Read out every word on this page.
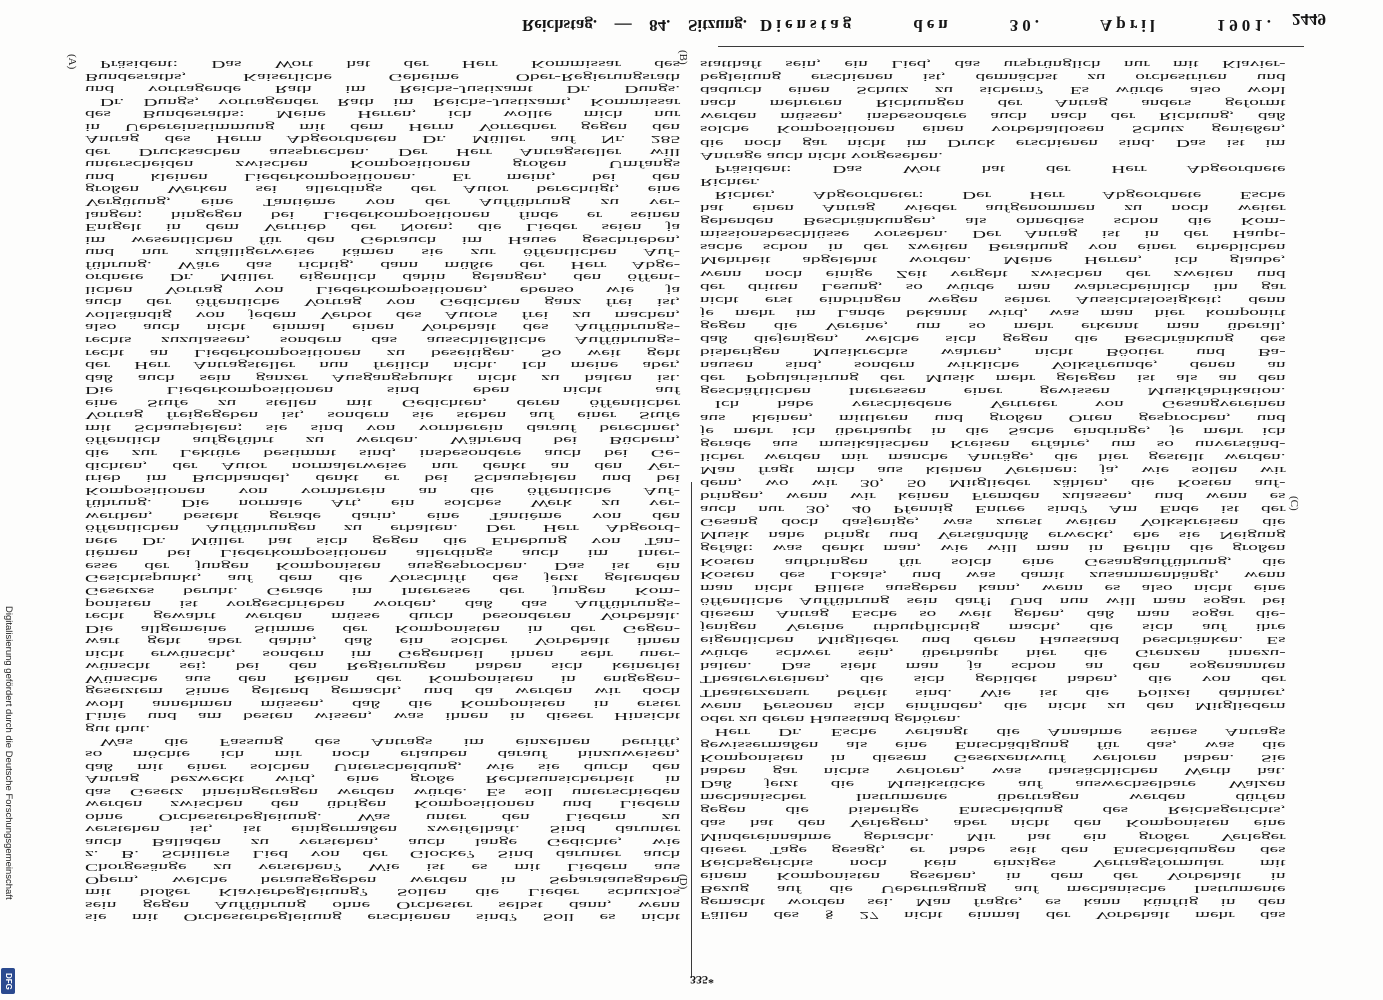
Reichstag. — 84. Sitzung. Dienstag den 30. April 1901. 2449
(A)	(B)
(C)
(D)
Präsident: Das Wort hat der Herr Kommissar des
Bundesraths, Kaiserliche Geheime Ober-Regierungsrath
und vortragende Rath im Reichs-Justizamt Dr. Dungs.
Dr. Dungs, vortragender Rath im Reichs-Justizamt, Kommissar
des Bundesraths: Meine Herren, ich wollte mich nur
in Uebereinstimmung mit dem Herrn Vorredner gegen den
Antrag des Herrn Abgeordneten Dr. Müller auf Nr. 285
der Drucksachen aussprechen. Der Herr Antragsteller will
unterscheiden zwischen Kompositionen großen Umfangs
und kleinen Liederkompositionen. Er meint, bei den
großen Werken sei allerdings der Autor berechtigt, eine
Vergütung, eine Tantième von der Aufführung zu ver-
langen; hingegen bei Liederkompositionen finde er seinen
Entgelt in dem Vertrieb der Noten; die Lieder seien ja
im wesentlichen für den Gebrauch im Hause geschrieben,
und nur zufälligerweise kämen sie zur öffentlichen Auf-
führung. Wäre das richtig, dann müßte der Herr Abge-
ordnete Dr. Müller eigentlich dahin gelangen, den öffent-
lichen Vortrag von Liederkompositionen, ebenso wie ja
auch der öffentliche Vortrag von Gedichten ganz frei ist,
vollständig von jedem Verbot des Autors frei zu machen,
also auch nicht einmal einen Vorbehalt des Aufführungs-
rechts zuzulassen, sondern das ausschließliche Aufführungs-
recht an Liederkompositionen zu beseitigen. So weit geht
der Herr Antragsteller nun freilich nicht. Ich meine aber,
daß auch sein ganzer Ausgangspunkt nicht zu halten ist.
Die Liederkompositionen sind eben nicht auf
eine Stufe zu stellen mit Gedichten, deren öffentlicher
Vortrag freigegeben ist, sondern sie stehen auf einer Stufe
mit Schauspielen; sie sind von vornherein darauf berechnet,
öffentlich aufgeführt zu werden. Während bei Büchern,
die zur Lektüre bestimmt sind, insbesondere auch bei Ge-
dichten, der Autor normalerweise nur denkt an den Ver-
trieb im Buchhandel, denkt er bei Schauspielen und bei
Kompositionen von vornherein an die öffentliche Auf-
führung. Die normale Art, ein solches Werk zu ver-
werthen, besteht gerade darin, eine Tantième von den
öffentlichen Aufführungen zu erhalten. Der Herr Abgeord-
nete Dr. Müller hat sich gegen die Erhebung von Tan-
tièmen bei Liederkompositionen allerdings auch im Inter-
esse der jungen Komponisten ausgesprochen. Das ist ein
Gesichtspunkt, auf dem die Vorschrift des jetzt geltenden
Gesetzes beruht. Gerade im Interesse der jungen Kom-
ponisten ist vorgeschrieben worden, daß das Aufführungs-
recht gewahrt werden müsse durch besonderen Vorbehalt.
Die allgemeine Stimme der Komponisten in der Gegen-
wart geht aber dahin, daß ein solcher Vorbehalt ihnen
nicht erwünscht, sondern im Gegentheil ihnen sehr uner-
wünscht sei; bei den Regierungen haben sich keinerlei
Wünsche aus den Reihen der Komponisten in entgegen-
gesetztem Sinne geltend gemacht, und da werden wir doch
wohl annehmen müssen, daß die Komponisten in erster
Linie und am besten wissen, was ihnen in dieser Hinsicht
gut thut.
Was die Fassung des Antrags im einzelnen betrifft,
so möchte ich mir noch erlauben darauf hinzuweisen,
daß mit einer solchen Unterscheidung, wie sie durch den
Antrag bezweckt wird, eine große Rechtsunsicherheit in
das Gesetz hineingetragen werden würde. Es soll unterschieden
werden zwischen den übrigen Kompositionen und Liedern
ohne Orchesterbegleitung. Was unter den Liedern zu
verstehen ist, ist einigermaßen zweifelhaft. Sind darunter
auch Balladen zu verstehen, auch lange Gedichte, wie
z. B. Schillers Lied von der Glocke? Sind darunter auch
Chorgesänge zu verstehen? Wie ist es mit Liedern aus
Opern, welche herausgegeben werden in Separatausgaben
mit bloßer Klavierbegleitung? Sollen die Lieder schutzlos
sein gegen Aufführung ohne Orchester selbst dann, wenn
sie mit Orchesterbegleitung erschienen sind? Soll es nicht
statthaft sein, ein Lied, das ursprünglich nur mit Klavier-
begleitung erschienen ist, demnächst zu orchestriren und
dadurch einen Schutz zu sichern? Es würde also wohl
nach mehreren Richtungen der Antrag anders geformt
werden müssen, insbesondere auch nach der Richtung, daß
solche Kompositionen einen vorbehaltlosen Schutz genießen,
die noch gar nicht im Druck erschienen sind. Das ist im
Antrage auch nicht vorgesehen.
Präsident: Das Wort hat der Herr Abgeordnete
Richter.
Richter, Abgeordneter: Der Herr Abgeordnete Esche
hat einen Antrag wieder aufgenommen zu noch weiter
gehenden Beschränkungen, als ohnedies schon die Kom-
missionsbeschlüsse vorsehen. Der Antrag ist in der Haupt-
sache schon in der zweiten Berathung von einer erheblichen
Mehrheit abgelehnt worden. Meine Herren, ich glaube,
wenn noch einige Zeit vergeht zwischen der zweiten und
der dritten Lesung, so würde man wahrscheinlich ihn gar
nicht erst einbringen wegen seiner Aussichtslosigkeit; denn
je mehr im Lande bekannt wird, was man hier komponirt
gegen die Vereine, um so mehr erkennt man überall,
daß diejenigen, welche sich gegen die Beschränkung des
bisherigen Musikrechts wahren, nicht Böotier und Ba-
nausen sind, sondern wirkliche Volksfreunde, denen an
der Popularisirung der Musik mehr gelegen ist als an den
geschäftlichen Interessen einer gewissen Musikfabrikation.
Ich habe verschiedene Vertreter von Gesangvereinen
aus kleinen, mittleren und großen Orten gesprochen, und
je mehr ich überhaupt in die Sache eindringe, je mehr ich
gerade aus musikalischen Kreisen erfahre, um so unverständ-
licher werden mir manche Anträge, die hier gestellt werden.
Man fragt mich aus kleinen Vereinen: ja, wie sollen wir
denn, wo wir 30, 50 Mitglieder zählen, die Kosten auf-
bringen, wenn wir keinen Fremden zulassen, und wenn es
auch nur 30, 40 Pfennig Entree sind? Am Ende ist der
Gesang doch dasjenige, was zuerst weiten Volkskreisen die
Musik nahe bringt und Verständniß erweckt, ehe sie Neigung
gefaßt: was denkt man, wie will man in Berlin die großen
Kosten aufbringen für solch eine Gesangaufführung, die
Kosten des Lokals, und was damit zusammenhängt, wenn
man nicht Billets ausgeben kann, wenn es also nicht eine
öffentliche Aufführung sein darf! Und nun will man sogar bei
diesem Antrag Esche so weit gehen, daß man sogar die-
jenigen Vereine tributpflichtig macht, die sich auf ihre
eigentlichen Mitglieder und deren Hausstand beschränken. Es
würde schwer sein, überhaupt hier die Grenzen innezu-
halten. Das sieht man ja schon an den sogenannten
Theatervereinen, die sich gebildet haben, die von der
Theaterzensur befreit sind. Wie ist die Polizei dahinter,
wenn Personen sich einfinden, die nicht zu den Mitgliedern
oder zu deren Hausstand gehören.
Herr Dr. Esche verlangt die Annahme seines Antrags
gewissermaßen als eine Entschädigung für das, was die
Komponisten in diesem Gesetzentwurf verloren haben. Sie
haben gar nichts verloren, was thatsächlichen Werth hat.
Daß jetzt die Musikstücke auf auswechselbare Walzen
mechanischer Instrumente übertragen werden dürfen
gegen die bisherige Entscheidung des Reichsgerichts,
das hat den Verlegern, aber nicht den Komponisten eine
Mindereinnahme gebracht. Mir hat ein großer Verleger
dieser Tage gesagt, er habe seit den Entscheidungen des
Reichsgerichts noch kein einziges Vertragsformular mit
einem Komponisten gesehen, in dem der Vorbehalt in
Bezug auf die Uebertragung auf mechanische Instrumente
gemacht worden sei. Man fragte, es kann künftig in den
Fällen des § 27 nicht einmal der Vorbehalt mehr das
335*
Digitalisierung gefördert durch die Deutsche Forschungsgemeinschaft
DFG
